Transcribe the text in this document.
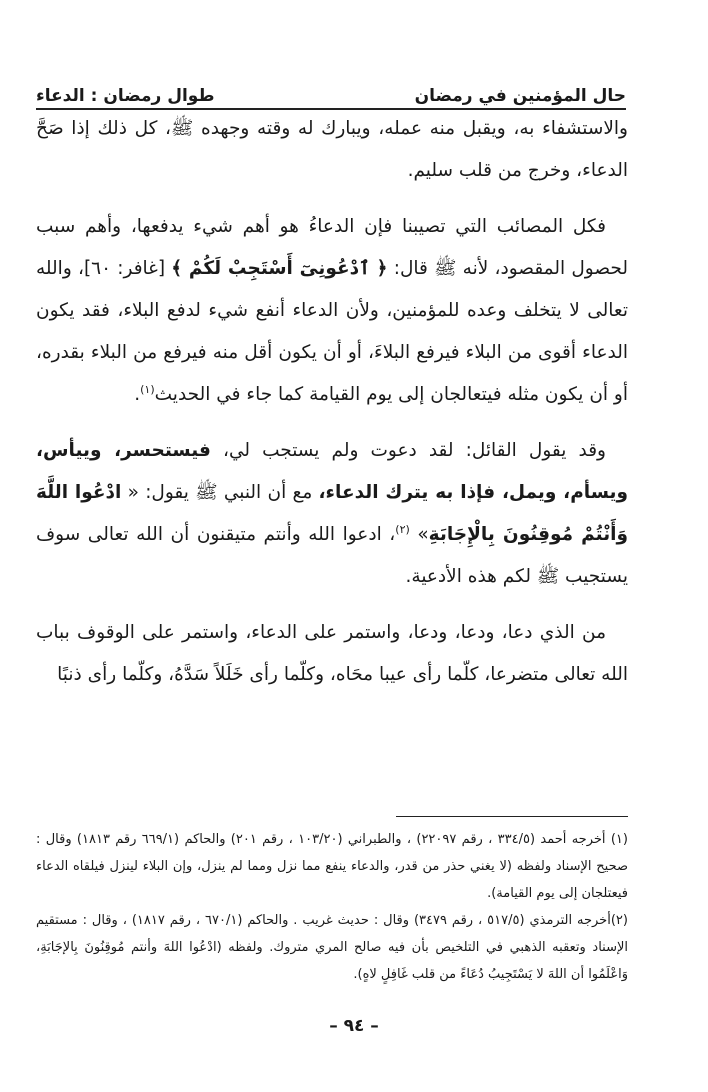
حال المؤمنين في رمضان
طوال رمضان : الدعاء

والاستشفاء به، ويقبل منه عمله، ويبارك له وقته وجهده ﷺ، كل ذلك إذا صَحَّ الدعاء، وخرج من قلب سليم.

فكل المصائب التي تصيبنا فإن الدعاءُ هو أهم شيء يدفعها، وأهم سبب لحصول المقصود، لأنه ﷺ قال: ﴿ ٱدْعُونِىٓ أَسْتَجِبْ لَكُمْ ﴾ [غافر: ٦٠]، والله تعالى لا يتخلف وعده للمؤمنين، ولأن الدعاء أنفع شيء لدفع البلاء، فقد يكون الدعاء أقوى من البلاء فيرفع البلاءَ، أو أن يكون أقل منه فيرفع من البلاء بقدره، أو أن يكون مثله فيتعالجان إلى يوم القيامة كما جاء في الحديث$^{(١)}$.

وقد يقول القائل: لقد دعوت ولم يستجب لي، فيستحسر، وييأس، ويسأم، ويمل، فإذا به يترك الدعاء، مع أن النبي ﷺ يقول: « ادْعُوا اللَّهَ وَأَنْتُمْ مُوقِنُونَ بِالْإِجَابَةِ» $^{(٢)}$، ادعوا الله وأنتم متيقنون أن الله تعالى سوف يستجيب ﷺ لكم هذه الأدعية.

من الذي دعا، ودعا، ودعا، واستمر على الدعاء، واستمر على الوقوف بباب الله تعالى متضرعا، كلّما رأى عيبا محَاه، وكلّما رأى خَلَلاً سَدَّهُ، وكلّما رأى ذنبًا

(١) أخرجه أحمد (٣٣٤/٥ ، رقم ٢٢٠٩٧) ، والطبراني (١٠٣/٢٠ ، رقم ٢٠١) والحاكم (٦٦٩/١ رقم ١٨١٣) وقال : صحيح الإسناد ولفظه (لا يغني حذر من قدر، والدعاء ينفع مما نزل ومما لم ينزل، وإن البلاء لينزل فيلقاه الدعاء فيعتلجان إلى يوم القيامة).

(٢)أخرجه الترمذي (٥١٧/٥ ، رقم ٣٤٧٩) وقال : حديث غريب . والحاكم (٦٧٠/١ ، رقم ١٨١٧) ، وقال : مستقيم الإسناد وتعقبه الذهبي في التلخيص بأن فيه صالح المري متروك. ولفظه (ادْعُوا اللهَ وأنتم مُوقِنُونَ بِالإجَابَةِ، وَاعْلَمُوا أن اللهَ لا يَسْتَجِيبُ دُعَاءً من قلب غَافِلٍ لاهٍ).

– ٩٤ –
